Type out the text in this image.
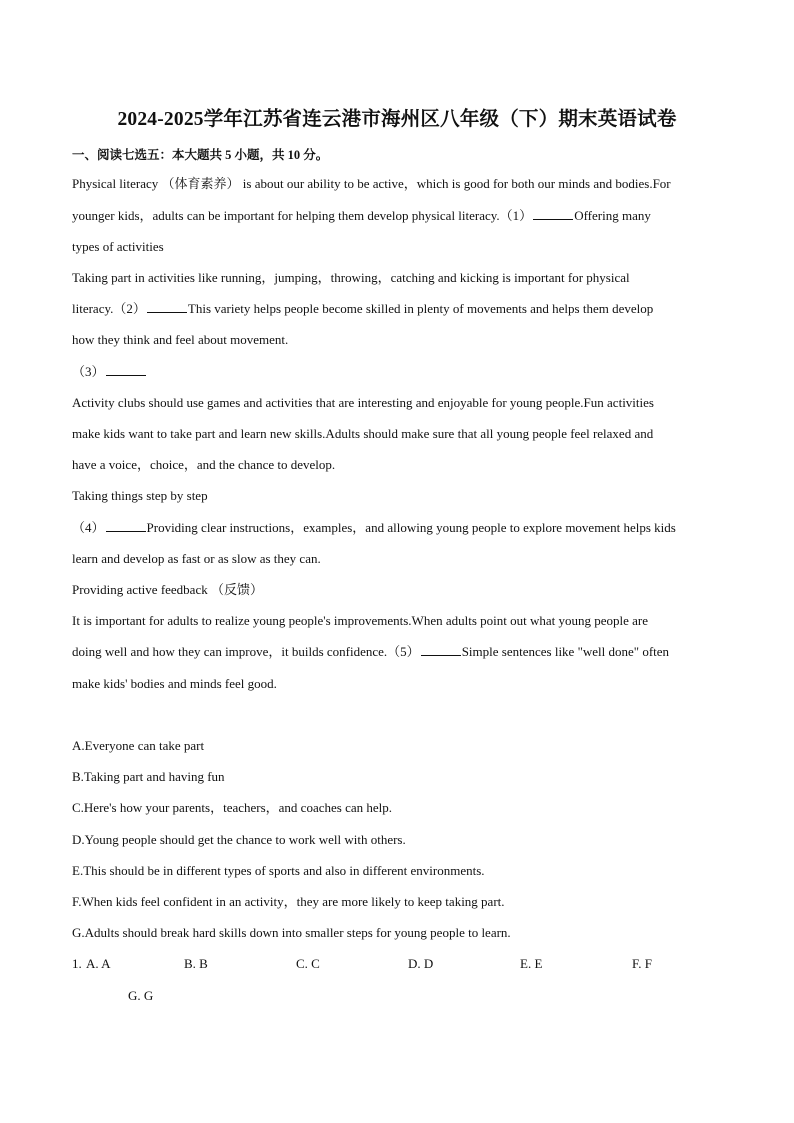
2024-2025学年江苏省连云港市海州区八年级（下）期末英语试卷
一、阅读七选五：本大题共 5 小题，共 10 分。
Physical literacy （体育素养） is about our ability to be active，which is good for both our minds and bodies.For
younger kids，adults can be important for helping them develop physical literacy.（1）	Offering many
types of activities
Taking part in activities like running，jumping，throwing，catching and kicking is important for physical
literacy.（2）	This variety helps people become skilled in plenty of movements and helps them develop
how they think and feel about movement.
（3）
Activity clubs should use games and activities that are interesting and enjoyable for young people.Fun activities
make kids want to take part and learn new skills.Adults should make sure that all young people feel relaxed and
have a voice，choice，and the chance to develop.
Taking things step by step
（4）	Providing clear instructions，examples，and allowing young people to explore movement helps kids
learn and develop as fast or as slow as they can.
Providing active feedback （反馈）
It is important for adults to realize young people's improvements.When adults point out what young people are
doing well and how they can improve，it builds confidence.（5）	Simple sentences like "well done" often
make kids' bodies and minds feel good.
A.Everyone can take part
B.Taking part and having fun
C.Here's how your parents，teachers，and coaches can help.
D.Young people should get the chance to work well with others.
E.This should be in different types of sports and also in different environments.
F.When kids feel confident in an activity，they are more likely to keep taking part.
G.Adults should break hard skills down into smaller steps for young people to learn.
1. A. A	B. B	C. C	D. D	E. E	F. F
G. G
